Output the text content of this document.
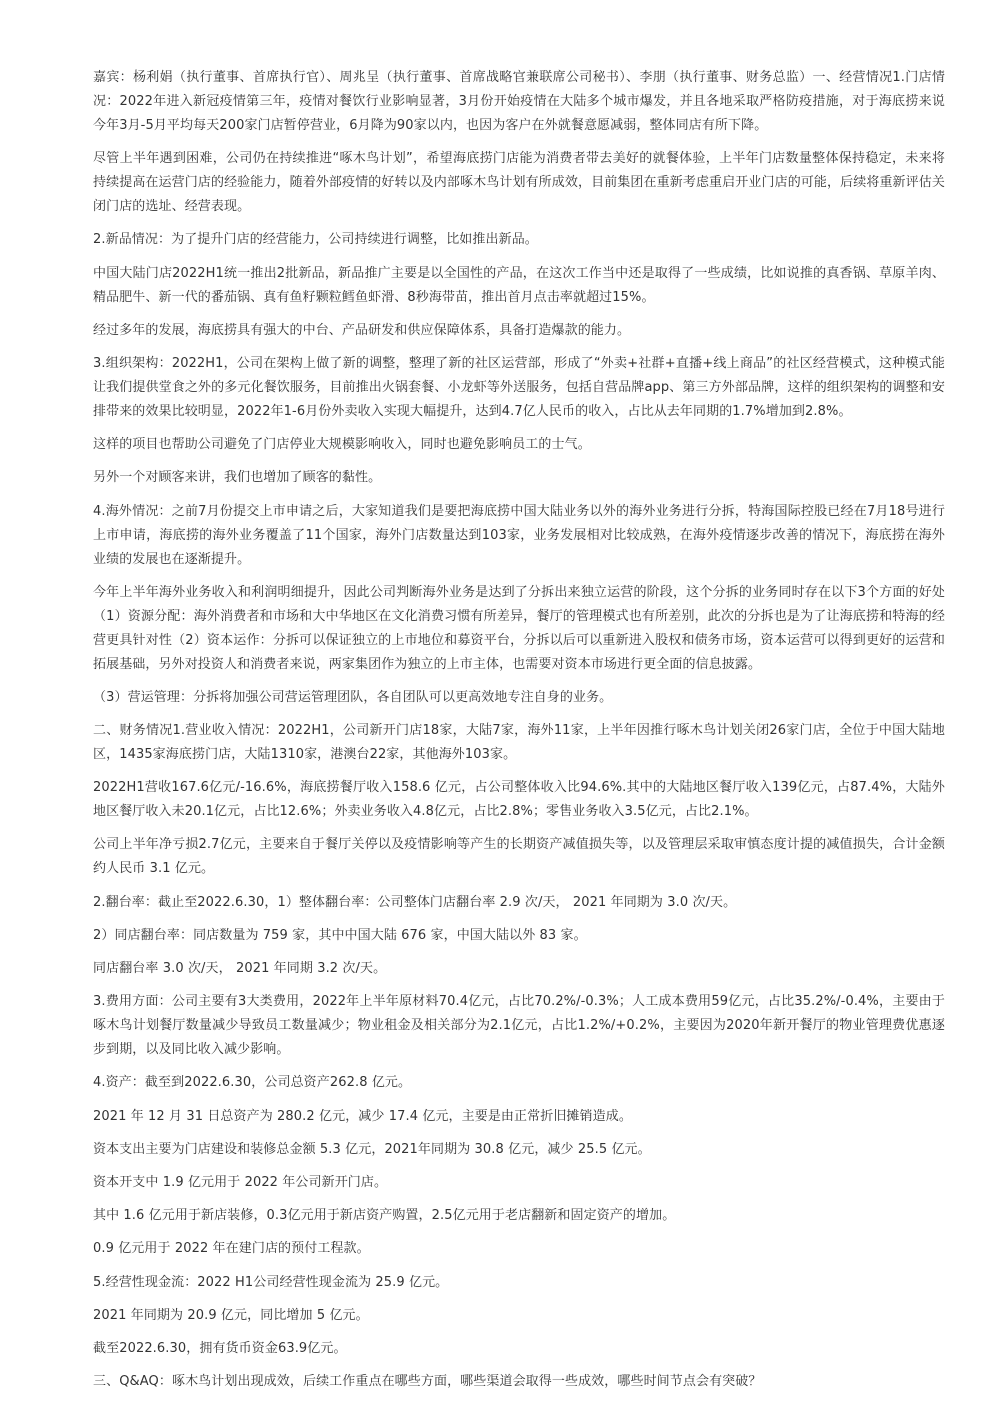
嘉宾：杨利娟（执行董事、首席执行官）、周兆呈（执行董事、首席战略官兼联席公司秘书）、李朋（执行董事、财务总监）一、经营情况1.门店情况：2022年进入新冠疫情第三年，疫情对餐饮行业影响显著，3月份开始疫情在大陆多个城市爆发，并且各地采取严格防疫措施，对于海底捞来说今年3月-5月平均每天200家门店暂停营业，6月降为90家以内，也因为客户在外就餐意愿减弱，整体同店有所下降。

尽管上半年遇到困难，公司仍在持续推进“啄木鸟计划”，希望海底捞门店能为消费者带去美好的就餐体验，上半年门店数量整体保持稳定，未来将持续提高在运营门店的经验能力，随着外部疫情的好转以及内部啄木鸟计划有所成效，目前集团在重新考虑重启开业门店的可能，后续将重新评估关闭门店的选址、经营表现。

2.新品情况：为了提升门店的经营能力，公司持续进行调整，比如推出新品。

中国大陆门店2022H1统一推出2批新品，新品推广主要是以全国性的产品，在这次工作当中还是取得了一些成绩，比如说推的真香锅、草原羊肉、精品肥牛、新一代的番茄锅、真有鱼籽颗粒鳕鱼虾滑、8秒海带苗，推出首月点击率就超过15%。

经过多年的发展，海底捞具有强大的中台、产品研发和供应保障体系，具备打造爆款的能力。

3.组织架构：2022H1，公司在架构上做了新的调整，整理了新的社区运营部，形成了“外卖+社群+直播+线上商品”的社区经营模式，这种模式能让我们提供堂食之外的多元化餐饮服务，目前推出火锅套餐、小龙虾等外送服务，包括自营品牌app、第三方外部品牌，这样的组织架构的调整和安排带来的效果比较明显，2022年1-6月份外卖收入实现大幅提升，达到4.7亿人民币的收入，占比从去年同期的1.7%增加到2.8%。

这样的项目也帮助公司避免了门店停业大规模影响收入，同时也避免影响员工的士气。

另外一个对顾客来讲，我们也增加了顾客的黏性。

4.海外情况：之前7月份提交上市申请之后，大家知道我们是要把海底捞中国大陆业务以外的海外业务进行分拆，特海国际控股已经在7月18号进行上市申请，海底捞的海外业务覆盖了11个国家，海外门店数量达到103家，业务发展相对比较成熟，在海外疫情逐步改善的情况下，海底捞在海外业绩的发展也在逐渐提升。

今年上半年海外业务收入和利润明细提升，因此公司判断海外业务是达到了分拆出来独立运营的阶段，这个分拆的业务同时存在以下3个方面的好处（1）资源分配：海外消费者和市场和大中华地区在文化消费习惯有所差异，餐厅的管理模式也有所差别，此次的分拆也是为了让海底捞和特海的经营更具针对性（2）资本运作：分拆可以保证独立的上市地位和募资平台，分拆以后可以重新进入股权和债务市场，资本运营可以得到更好的运营和拓展基础，另外对投资人和消费者来说，两家集团作为独立的上市主体，也需要对资本市场进行更全面的信息披露。

（3）营运管理：分拆将加强公司营运管理团队，各自团队可以更高效地专注自身的业务。

二、财务情况1.营业收入情况：2022H1，公司新开门店18家，大陆7家，海外11家，上半年因推行啄木鸟计划关闭26家门店，全位于中国大陆地区，1435家海底捞门店，大陆1310家，港澳台22家，其他海外103家。

2022H1营收167.6亿元/-16.6%，海底捞餐厅收入158.6 亿元，占公司整体收入比94.6%.其中的大陆地区餐厅收入139亿元，占87.4%，大陆外地区餐厅收入未20.1亿元，占比12.6%；外卖业务收入4.8亿元，占比2.8%；零售业务收入3.5亿元，占比2.1%。

公司上半年净亏损2.7亿元，主要来自于餐厅关停以及疫情影响等产生的长期资产减值损失等，以及管理层采取审慎态度计提的减值损失，合计金额约人民币 3.1 亿元。

2.翻台率：截止至2022.6.30，1）整体翻台率：公司整体门店翻台率 2.9 次/天， 2021 年同期为 3.0 次/天。

2）同店翻台率：同店数量为 759 家，其中中国大陆 676 家，中国大陆以外 83 家。

同店翻台率 3.0 次/天， 2021 年同期 3.2 次/天。

3.费用方面：公司主要有3大类费用，2022年上半年原材料70.4亿元，占比70.2%/-0.3%；人工成本费用59亿元，占比35.2%/-0.4%，主要由于啄木鸟计划餐厅数量减少导致员工数量减少；物业租金及相关部分为2.1亿元，占比1.2%/+0.2%，主要因为2020年新开餐厅的物业管理费优惠逐步到期，以及同比收入减少影响。

4.资产：截至到2022.6.30，公司总资产262.8 亿元。

2021 年 12 月 31 日总资产为 280.2 亿元，减少 17.4 亿元，主要是由正常折旧摊销造成。

资本支出主要为门店建设和装修总金额 5.3 亿元，2021年同期为 30.8 亿元，减少 25.5 亿元。

资本开支中 1.9 亿元用于 2022 年公司新开门店。

其中 1.6 亿元用于新店装修，0.3亿元用于新店资产购置，2.5亿元用于老店翻新和固定资产的增加。

0.9 亿元用于 2022 年在建门店的预付工程款。

5.经营性现金流：2022 H1公司经营性现金流为 25.9 亿元。

2021 年同期为 20.9 亿元，同比增加 5 亿元。

截至2022.6.30，拥有货币资金63.9亿元。

三、Q&AQ：啄木鸟计划出现成效，后续工作重点在哪些方面，哪些渠道会取得一些成效，哪些时间节点会有突破？
